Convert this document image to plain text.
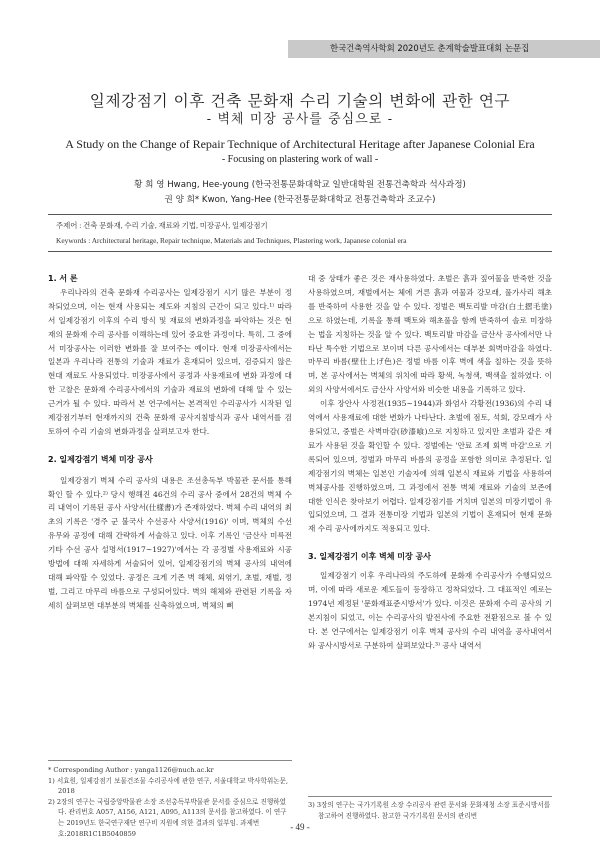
한국건축역사학회 2020년도 춘계학술발표대회 논문집
일제강점기 이후 건축 문화재 수리 기술의 변화에 관한 연구
- 벽체 미장 공사를 중심으로 -
A Study on the Change of Repair Technique of Architectural Heritage after Japanese Colonial Era
- Focusing on plastering work of wall -
황 희 영 Hwang, Hee-young (한국전통문화대학교 일반대학원 전통건축학과 석사과정)
권 양 희* Kwon, Yang-Hee (한국전통문화대학교 전통건축학과 조교수)
주제어 : 건축 문화재, 수리 기술, 재료와 기법, 미장공사, 일제강점기
Keywords : Architectural heritage, Repair technique, Materials and Techniques, Plastering work, Japanese colonial era

1. 서 론

우리나라의 건축 문화재 수리공사는 일제강점기 시기 많은 부분이 정착되었으며, 이는 현재 사용되는 제도와 지침의 근간이 되고 있다.¹⁾ 따라서 일제강점기 이후의 수리 방식 및 재료의 변화과정을 파악하는 것은 현재의 문화재 수리 공사를 이해하는데 있어 중요한 과정이다. 특히, 그 중에서 미장공사는 이러한 변화를 잘 보여주는 예이다. 현재 미장공사에서는 일본과 우리나라 전통의 기술과 재료가 혼재되어 있으며, 검증되지 않은 현대 재료도 사용되었다. 미장공사에서 공정과 사용재료에 변화 과정에 대한 고찰은 문화재 수리공사에서의 기술과 재료의 변화에 대해 알 수 있는 근거가 될 수 있다. 따라서 본 연구에서는 본격적인 수리공사가 시작된 일제강점기부터 현재까지의 건축 문화재 공사지침방식과 공사 내역서를 검토하여 수리 기술의 변화과정을 살펴보고자 한다.

2. 일제강점기 벽체 미장 공사

일제강점기 벽체 수리 공사의 내용은 조선총독부 박물관 문서를 통해 확인 할 수 있다.²⁾ 당시 행해진 46건의 수리 공사 중에서 28건의 벽체 수리 내역이 기록된 공사 사양서(仕樣書)가 존재하였다. 벽체 수리 내역의 최초의 기록은 '경주 군 불국사 수선공사 사양서(1916)' 이며, 벽체의 수선 유무와 공정에 대해 간략하게 서술하고 있다. 이후 기록인 '금산사 미륵전 기타 수선 공사 설명서(1917~1927)'에서는 각 공정별 사용재료와 시공방법에 대해 자세하게 서술되어 있어, 일제강점기의 벽체 공사의 내역에 대해 파악할 수 있었다. 공정은 크게 기존 벽 해체, 외엮기, 초벌, 재벌, 정벌, 그리고 마무리 바름으로 구성되어있다. 벽의 해체와 관련된 기록을 자세히 살펴보면 대부분의 벽체를 신축하였으며, 벽체의 뼈

대 중 상태가 좋은 것은 재사용하였다. 초벌은 흙과 짚여물을 반죽한 것을 사용하였으며, 재벌에서는 체에 거른 흙과 여물과 강모래, 풀가사리 해초를 반죽하여 사용한 것을 알 수 있다. 정벌은 백토리발 마감(白土摺毛塗)으로 하였는데, 기록을 통해 백토와 해초풀을 함께 반죽하여 솔로 미장하는 법을 지칭하는 것을 알 수 있다. 백토리발 마감을 금산사 공사에서만 나타난 특수한 기법으로 보이며 다른 공사에서는 대부분 회벽마감을 하였다. 마무리 바름(壁仕上げ色)은 정벌 바름 이후 벽에 색을 칠하는 것을 뜻하며, 본 공사에서는 벽체의 위치에 따라 황색, 녹청색, 백색을 칠하였다. 이외의 사양서에서도 금산사 사양서와 비슷한 내용을 기록하고 있다.

이후 장안사 사정전(1935~1944)과 화엄사 각황전(1936)의 수리 내역에서 사용재료에 대한 변화가 나타난다. 초벌에 점토, 석회, 강모래가 사용되었고, 중벌은 사벽마감(砂漆喰)으로 지칭하고 있지만 초벌과 같은 재료가 사용된 것을 확인할 수 있다. 정벌에는 '안료 조제 회벽 마감'으로 기록되어 있으며, 정벌과 마무리 바름의 공정을 포함한 의미로 추정된다. 일제강점기의 벽체는 일본인 기술자에 의해 일본식 재료와 기법을 사용하여 벽체공사를 진행하였으며, 그 과정에서 전통 벽체 재료와 기술의 보존에 대한 인식은 찾아보기 어렵다. 일제강점기를 거치며 일본의 미장기법이 유입되었으며, 그 결과 전통미장 기법과 일본의 기법이 혼재되어 현재 문화재 수리 공사에까지도 적용되고 있다.

3. 일제강점기 이후 벽체 미장 공사

일제강점기 이후 우리나라의 주도하에 문화재 수리공사가 수행되었으며, 이에 따라 새로운 제도들이 등장하고 정착되었다. 그 대표적인 예로는 1974년 제정된 '문화재표준시방서'가 있다. 이것은 문화재 수리 공사의 기본지침이 되었고, 이는 수리공사의 발전사에 주요한 전환점으로 볼 수 있다. 본 연구에서는 일제강점기 이후 벽체 공사의 수리 내역을 공사내역서와 공사시방서로 구분하여 살펴보았다.³⁾ 공사 내역서

* Corresponding Author : yanga1126@nuch.ac.kr

1) 서효원, 일제강점기 보물건조물 수리공사에 관한 연구, 서울대학교 박사학위논문, 2018

2) 2장의 연구는 국립중앙박물관 소장 조선총독부박물관 문서를 중심으로 진행하였다. 관리번호 A057, A156, A121, A095, A113의 문서를 참고하였다. 이 연구는 2019년도 한국연구재단 연구비 지원에 의한 결과의 일부임. 과제번호:2018R1C1B5040859

3) 3장의 연구는 국가기록원 소장 수리공사 관련 문서와 문화재청 소장 표준시방서를 참고하여 진행하였다. 참고한 국가기록원 문서의 관리번

- 49 -
